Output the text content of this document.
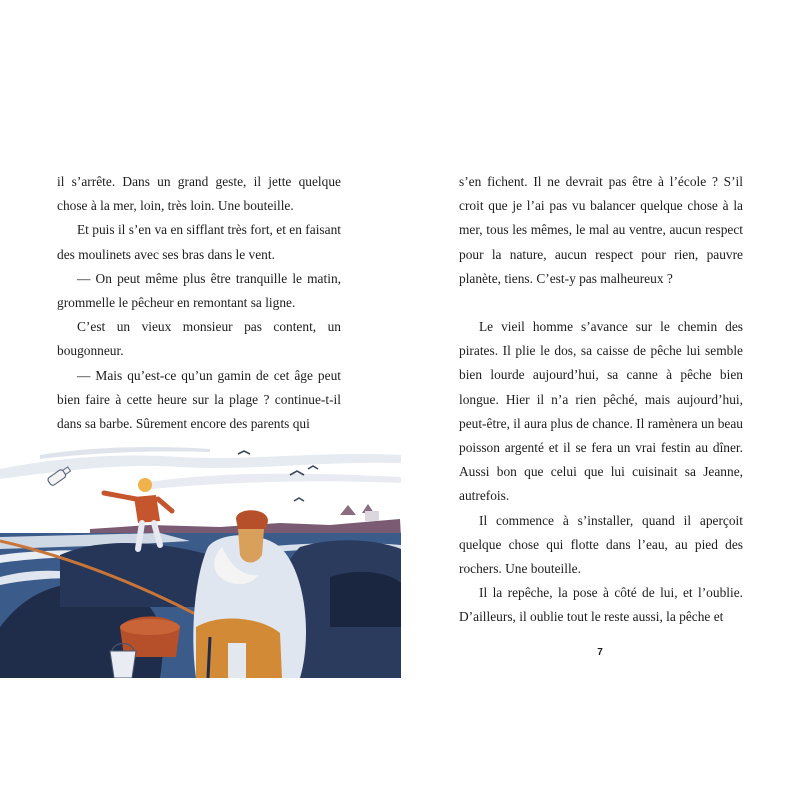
il s’arrête. Dans un grand geste, il jette quelque chose à la mer, loin, très loin. Une bouteille.

Et puis il s’en va en sifflant très fort, et en faisant des moulinets avec ses bras dans le vent.

— On peut même plus être tranquille le matin, grommelle le pêcheur en remontant sa ligne.

C’est un vieux monsieur pas content, un bougonneur.

— Mais qu’est-ce qu’un gamin de cet âge peut bien faire à cette heure sur la plage ? continue-t-il dans sa barbe. Sûrement encore des parents qui

s’en fichent. Il ne devrait pas être à l’école ? S’il croit que je l’ai pas vu balancer quelque chose à la mer, tous les mêmes, le mal au ventre, aucun respect pour la nature, aucun respect pour rien, pauvre planète, tiens. C’est-y pas malheureux ?

Le vieil homme s’avance sur le chemin des pirates. Il plie le dos, sa caisse de pêche lui semble bien lourde aujourd’hui, sa canne à pêche bien longue. Hier il n’a rien pêché, mais aujourd’hui, peut-être, il aura plus de chance. Il ramènera un beau poisson argenté et il se fera un vrai festin au dîner. Aussi bon que celui que lui cuisinait sa Jeanne, autrefois.

Il commence à s’installer, quand il aperçoit quelque chose qui flotte dans l’eau, au pied des rochers. Une bouteille.

Il la repêche, la pose à côté de lui, et l’oublie. D’ailleurs, il oublie tout le reste aussi, la pêche et

7
